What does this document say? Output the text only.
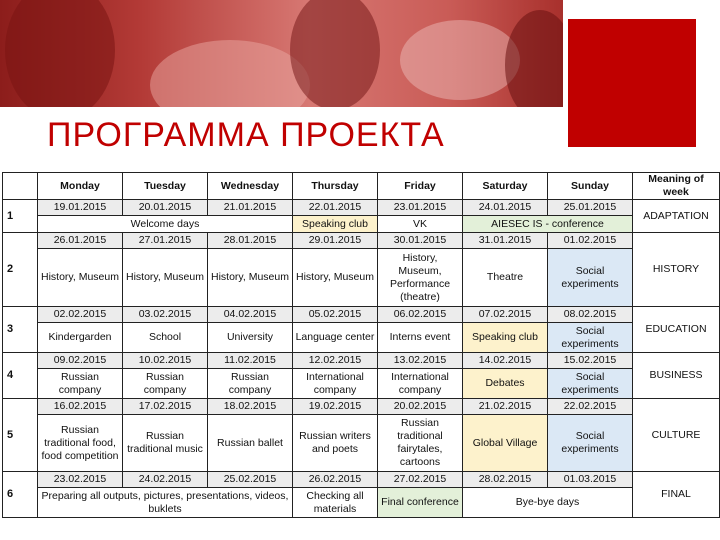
ПРОГРАММА ПРОЕКТА
	Monday	Tuesday	Wednesday	Thursday	Friday	Saturday	Sunday	Meaning of week
1	19.01.2015	20.01.2015	21.01.2015	22.01.2015	23.01.2015	24.01.2015	25.01.2015	ADAPTATION
	Welcome days			Speaking club	VK	AIESEC IS - conference		
2	26.01.2015	27.01.2015	28.01.2015	29.01.2015	30.01.2015	31.01.2015	01.02.2015	HISTORY
	History, Museum	History, Museum	History, Museum	History, Museum	History, Museum, Performance (theatre)	Theatre	Social experiments	
3	02.02.2015	03.02.2015	04.02.2015	05.02.2015	06.02.2015	07.02.2015	08.02.2015	EDUCATION
	Kindergarden	School	University	Language center	Interns event	Speaking club	Social experiments	
4	09.02.2015	10.02.2015	11.02.2015	12.02.2015	13.02.2015	14.02.2015	15.02.2015	BUSINESS
	Russian company	Russian company	Russian company	International company	International company	Debates	Social experiments	
5	16.02.2015	17.02.2015	18.02.2015	19.02.2015	20.02.2015	21.02.2015	22.02.2015	CULTURE
	Russian traditional food, food competition	Russian traditional music	Russian ballet	Russian writers and poets	Russian traditional fairytales, cartoons	Global Village	Social experiments	
6	23.02.2015	24.02.2015	25.02.2015	26.02.2015	27.02.2015	28.02.2015	01.03.2015	FINAL
	Preparing all outputs, pictures, presentations, videos, buklets			Checking all materials	Final conference	Bye-bye days		
